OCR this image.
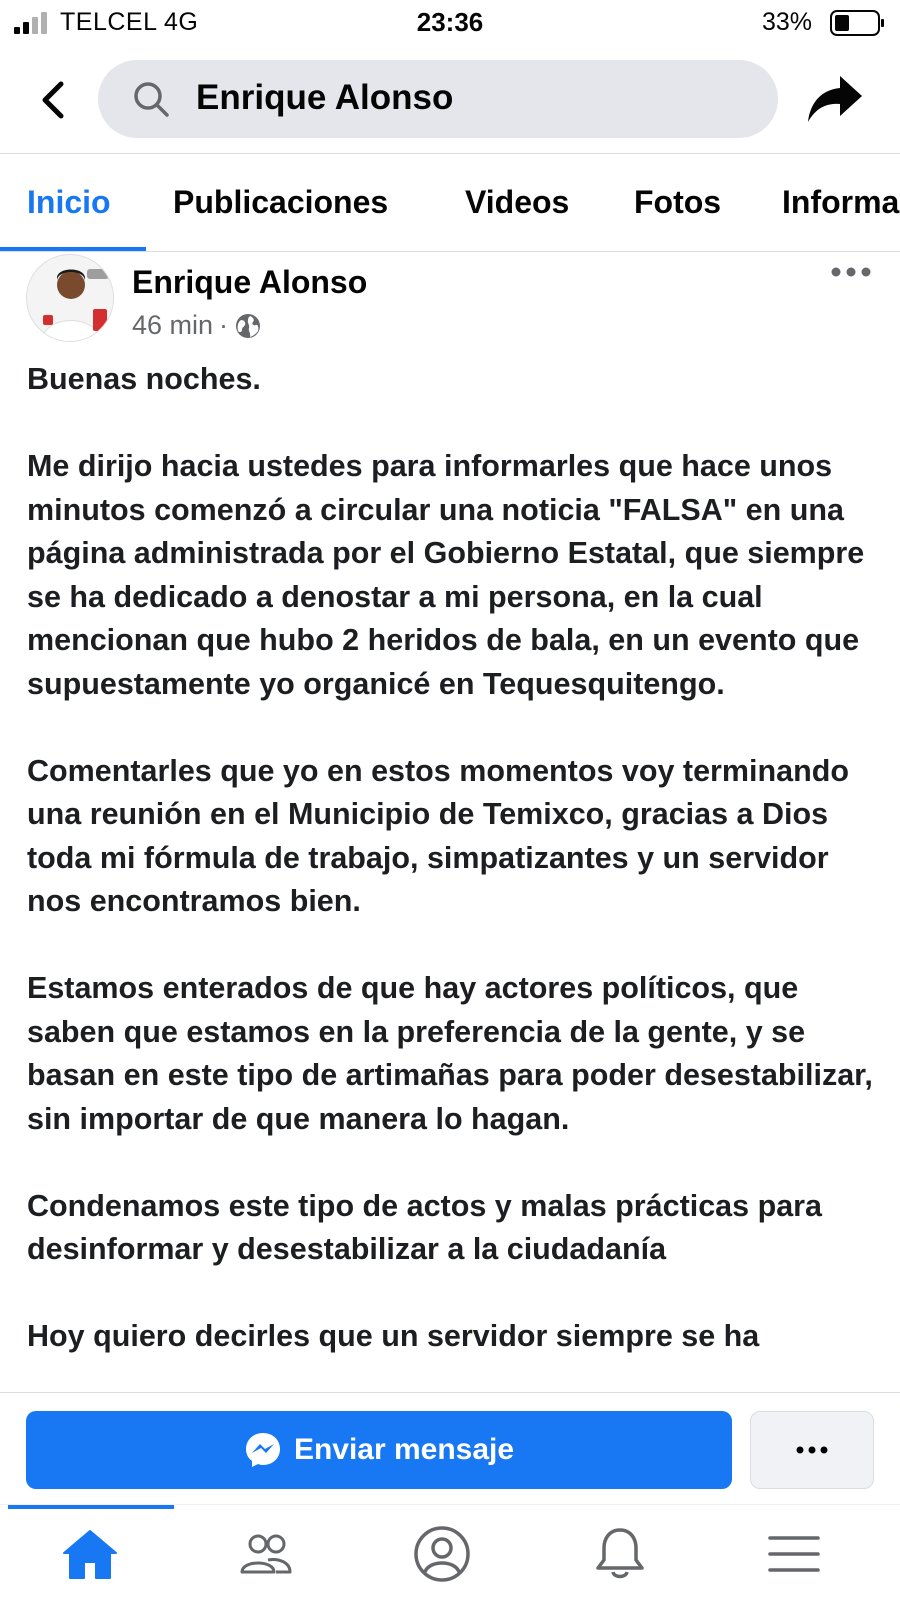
TELCEL 4G	23:36	33%
Enrique Alonso
Inicio Publicaciones Videos Fotos Informa
Enrique Alonso
46 min ·

Buenas noches.

Me dirijo hacia ustedes para informarles que hace unos minutos comenzó a circular una noticia "FALSA" en una página administrada por el Gobierno Estatal, que siempre se ha dedicado a denostar a mi persona, en la cual mencionan que hubo 2 heridos de bala, en un evento que supuestamente yo organicé en Tequesquitengo.

Comentarles que yo en estos momentos voy terminando una reunión en el Municipio de Temixco, gracias a Dios toda mi fórmula de trabajo, simpatizantes y un servidor nos encontramos bien.

Estamos enterados de que hay actores políticos, que saben que estamos en la preferencia de la gente, y se basan en este tipo de artimañas para poder desestabilizar, sin importar de que manera lo hagan.

Condenamos este tipo de actos y malas prácticas para desinformar y desestabilizar a la ciudadanía

Hoy quiero decirles que un servidor siempre se ha

Enviar mensaje
